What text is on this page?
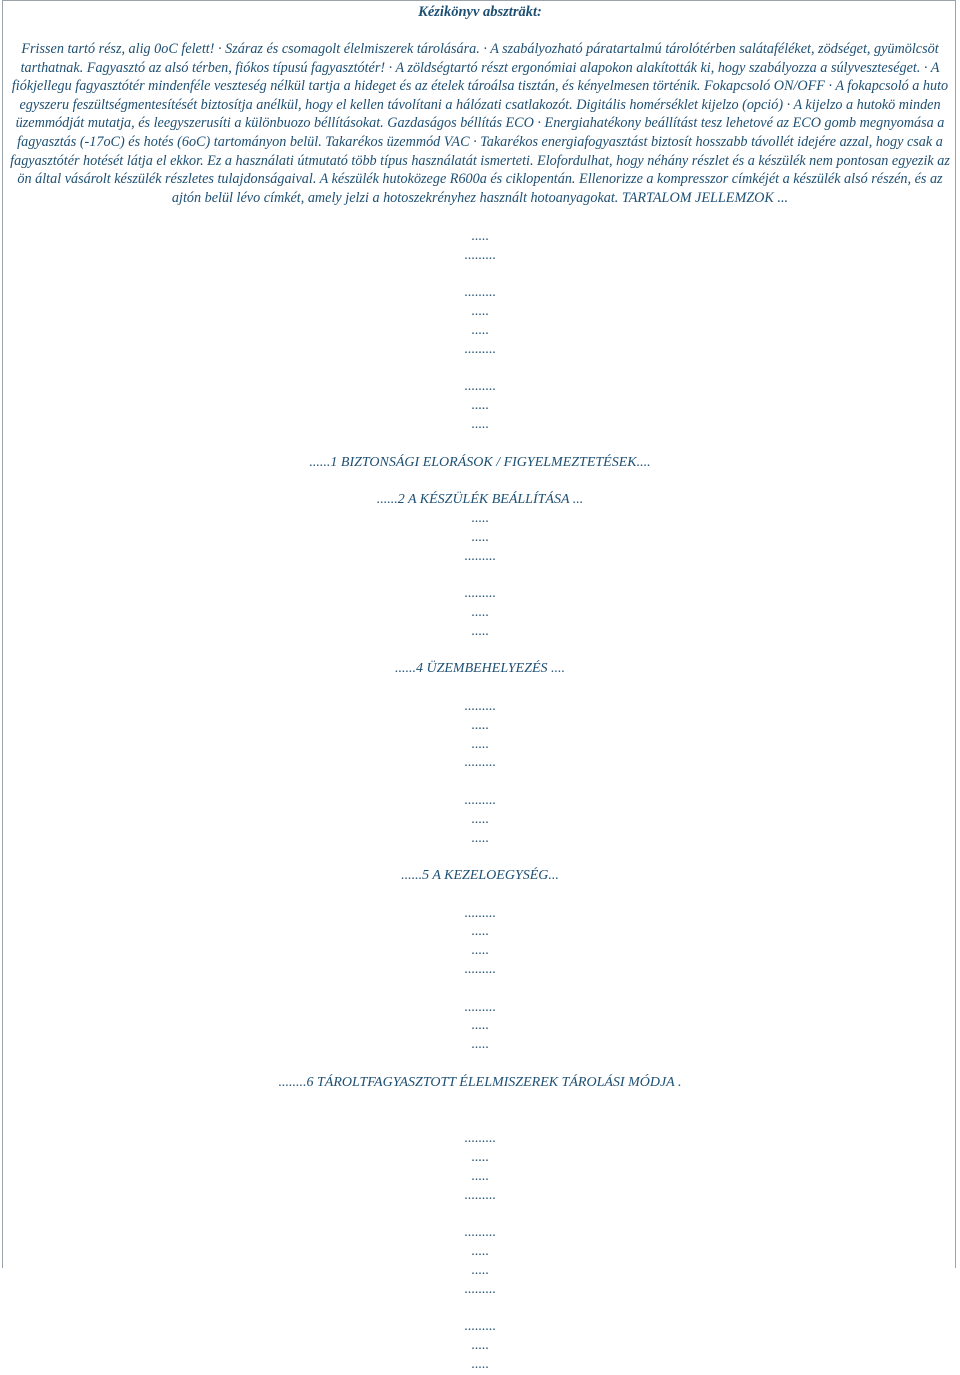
Kézikönyv abszträkt:

Frissen tartó rész, alig 0oC felett! · Száraz és csomagolt élelmiszerek tárolására. · A szabályozható páratartalmú tárolótérben salátaféléket, zödséget, gyümölcsöt tarthatnak. Fagyasztó az alsó térben, fiókos típusú fagyasztótér! · A zöldségtartó részt ergonómiai alapokon alakították ki, hogy szabályozza a súlyveszteséget. · A fiókjellegu fagyasztótér mindenféle veszteség nélkül tartja a hideget és az ételek tároálsa tisztán, és kényelmesen történik. Fokapcsoló ON/OFF · A fokapcsoló a huto egyszeru feszültségmentesítését biztosítja anélkül, hogy el kellen távolítani a hálózati csatlakozót. Digitális homérséklet kijelzo (opció) · A kijelzo a hutokö minden üzemmódját mutatja, és leegyszerusíti a különbuozo béllításokat. Gazdaságos béllítás ECO · Energiahatékony beállítást tesz lehetové az ECO gomb megnyomása a fagyasztás (-17oC) és hotés (6oC) tartományon belül. Takarékos üzemmód VAC · Takarékos energiafogyasztást biztosít hosszabb távollét idejére azzal, hogy csak a fagyasztótér hotését látja el ekkor. Ez a használati útmutató több típus használatát ismerteti. Elofordulhat, hogy néhány részlet és a készülék nem pontosan egyezik az ön által vásárolt készülék részletes tulajdonságaival. A készülék hutoközege R600a és ciklopentán. Ellenorizze a kompresszor címkéjét a készülék alsó részén, és az ajtón belül lévo címkét, amely jelzi a hotoszekrényhez használt hotoanyagokat. TARTALOM JELLEMZOK ...

.....
.........
.........
.....
.....
.........
.........
.....
.....
......1 BIZTONSÁGI ELORÁSOK / FIGYELMEZTETÉSEK....
......2 A KÉSZÜLÉK BEÁLLÍTÁSA ...
.....
.....
.........
.........
.....
.....
......4 ÜZEMBEHELYEZÉS ....
.........
.....
.....
.........
.........
.....
.....
......5 A KEZELOEGYSÉG...
.........
.....
.....
.........
.........
.....
.....
........6 TÁROLTFAGYASZTOTT ÉLELMISZEREK TÁROLÁSI MÓDJA .
.........
.....
.....
.........
.........
.....
.....
.........
.........
.....
.....
